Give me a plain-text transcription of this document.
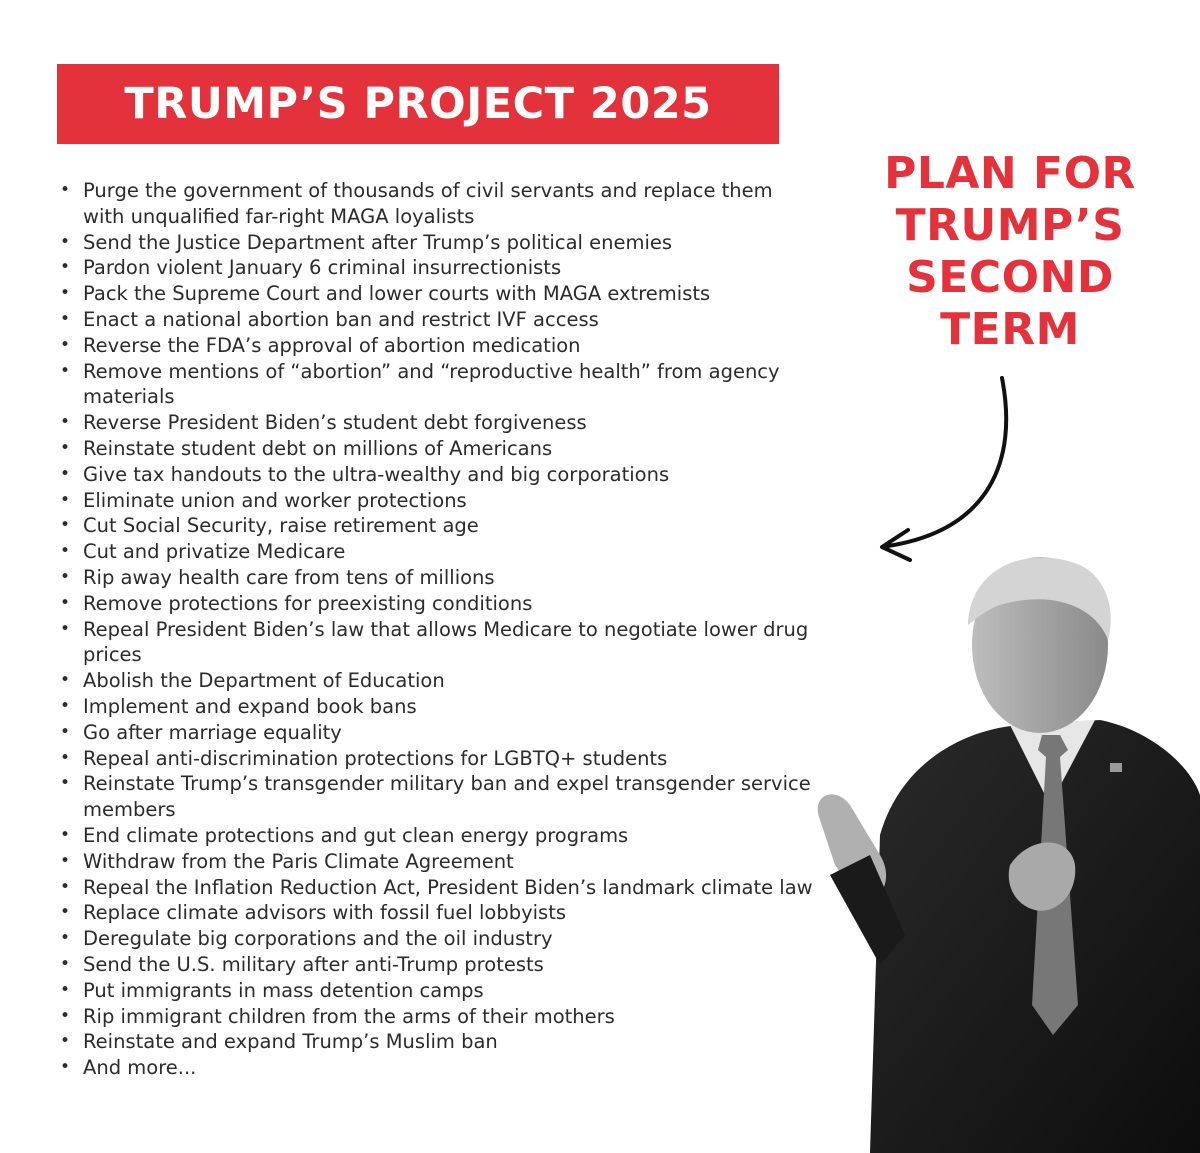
TRUMP’S PROJECT 2025
PLAN FOR
TRUMP’S
SECOND
TERM
• Purge the government of thousands of civil servants and replace them with unqualified far-right MAGA loyalists
• Send the Justice Department after Trump’s political enemies
• Pardon violent January 6 criminal insurrectionists
• Pack the Supreme Court and lower courts with MAGA extremists
• Enact a national abortion ban and restrict IVF access
• Reverse the FDA’s approval of abortion medication
• Remove mentions of “abortion” and “reproductive health” from agency materials
• Reverse President Biden’s student debt forgiveness
• Reinstate student debt on millions of Americans
• Give tax handouts to the ultra-wealthy and big corporations
• Eliminate union and worker protections
• Cut Social Security, raise retirement age
• Cut and privatize Medicare
• Rip away health care from tens of millions
• Remove protections for preexisting conditions
• Repeal President Biden’s law that allows Medicare to negotiate lower drug prices
• Abolish the Department of Education
• Implement and expand book bans
• Go after marriage equality
• Repeal anti-discrimination protections for LGBTQ+ students
• Reinstate Trump’s transgender military ban and expel transgender service members
• End climate protections and gut clean energy programs
• Withdraw from the Paris Climate Agreement
• Repeal the Inflation Reduction Act, President Biden’s landmark climate law
• Replace climate advisors with fossil fuel lobbyists
• Deregulate big corporations and the oil industry
• Send the U.S. military after anti-Trump protests
• Put immigrants in mass detention camps
• Rip immigrant children from the arms of their mothers
• Reinstate and expand Trump’s Muslim ban
• And more...
